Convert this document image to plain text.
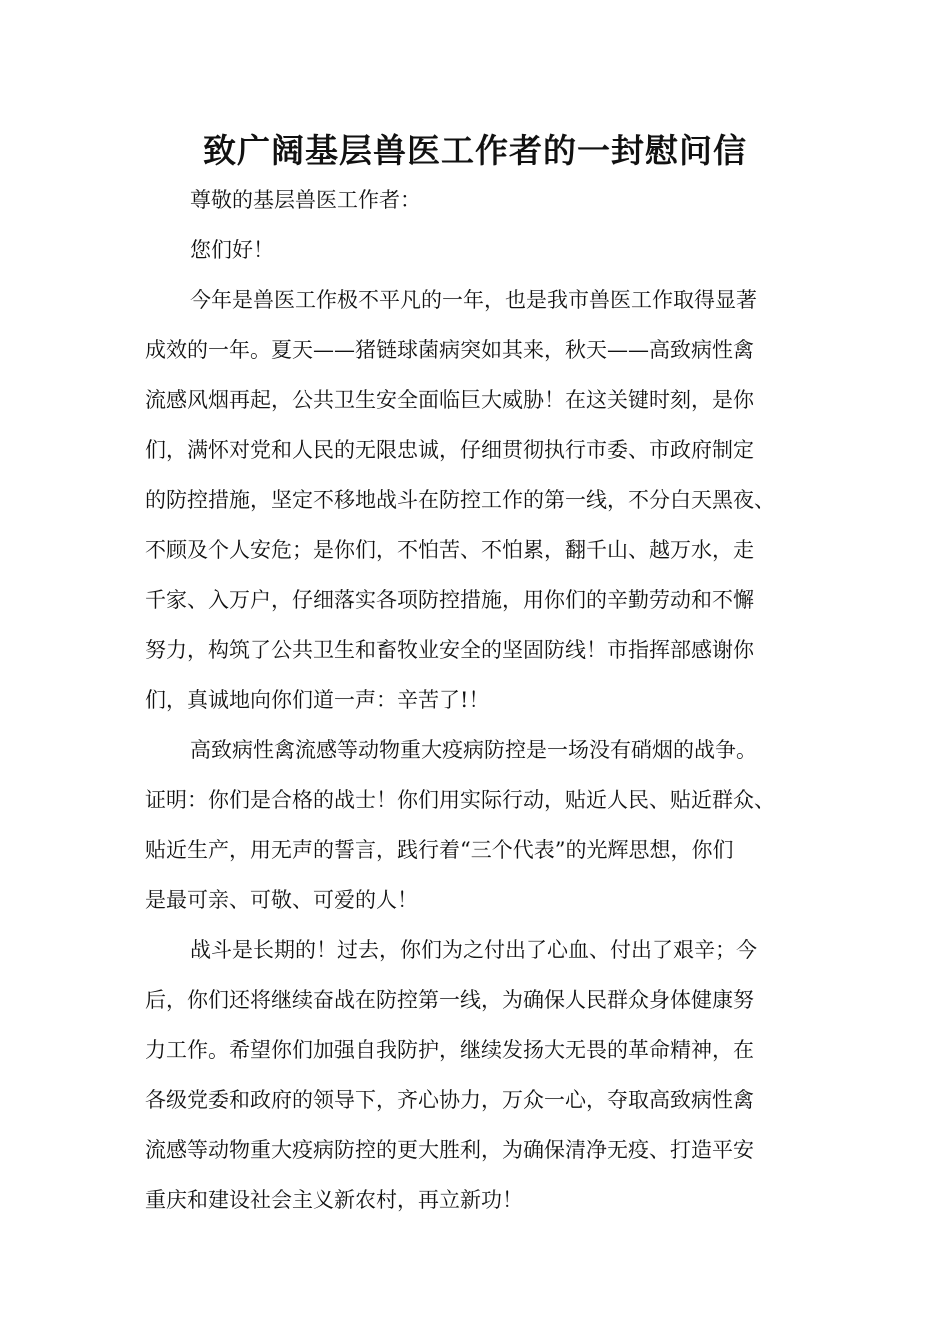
致广阔基层兽医工作者的一封慰问信

尊敬的基层兽医工作者：

您们好！

今年是兽医工作极不平凡的一年，也是我市兽医工作取得显著

成效的一年。夏天——猪链球菌病突如其来，秋天——高致病性禽

流感风烟再起，公共卫生安全面临巨大威胁！在这关键时刻，是你

们，满怀对党和人民的无限忠诚，仔细贯彻执行市委、市政府制定

的防控措施，坚定不移地战斗在防控工作的第一线，不分白天黑夜、

不顾及个人安危；是你们，不怕苦、不怕累，翻千山、越万水，走

千家、入万户，仔细落实各项防控措施，用你们的辛勤劳动和不懈

努力，构筑了公共卫生和畜牧业安全的坚固防线！市指挥部感谢你

们，真诚地向你们道一声：辛苦了!！

高致病性禽流感等动物重大疫病防控是一场没有硝烟的战争。

证明：你们是合格的战士！你们用实际行动，贴近人民、贴近群众、

贴近生产，用无声的誓言，践行着“三个代表”的光辉思想，你们

是最可亲、可敬、可爱的人！

战斗是长期的！过去，你们为之付出了心血、付出了艰辛；今

后，你们还将继续奋战在防控第一线，为确保人民群众身体健康努

力工作。希望你们加强自我防护，继续发扬大无畏的革命精神，在

各级党委和政府的领导下，齐心协力，万众一心，夺取高致病性禽

流感等动物重大疫病防控的更大胜利，为确保清净无疫、打造平安

重庆和建设社会主义新农村，再立新功！
